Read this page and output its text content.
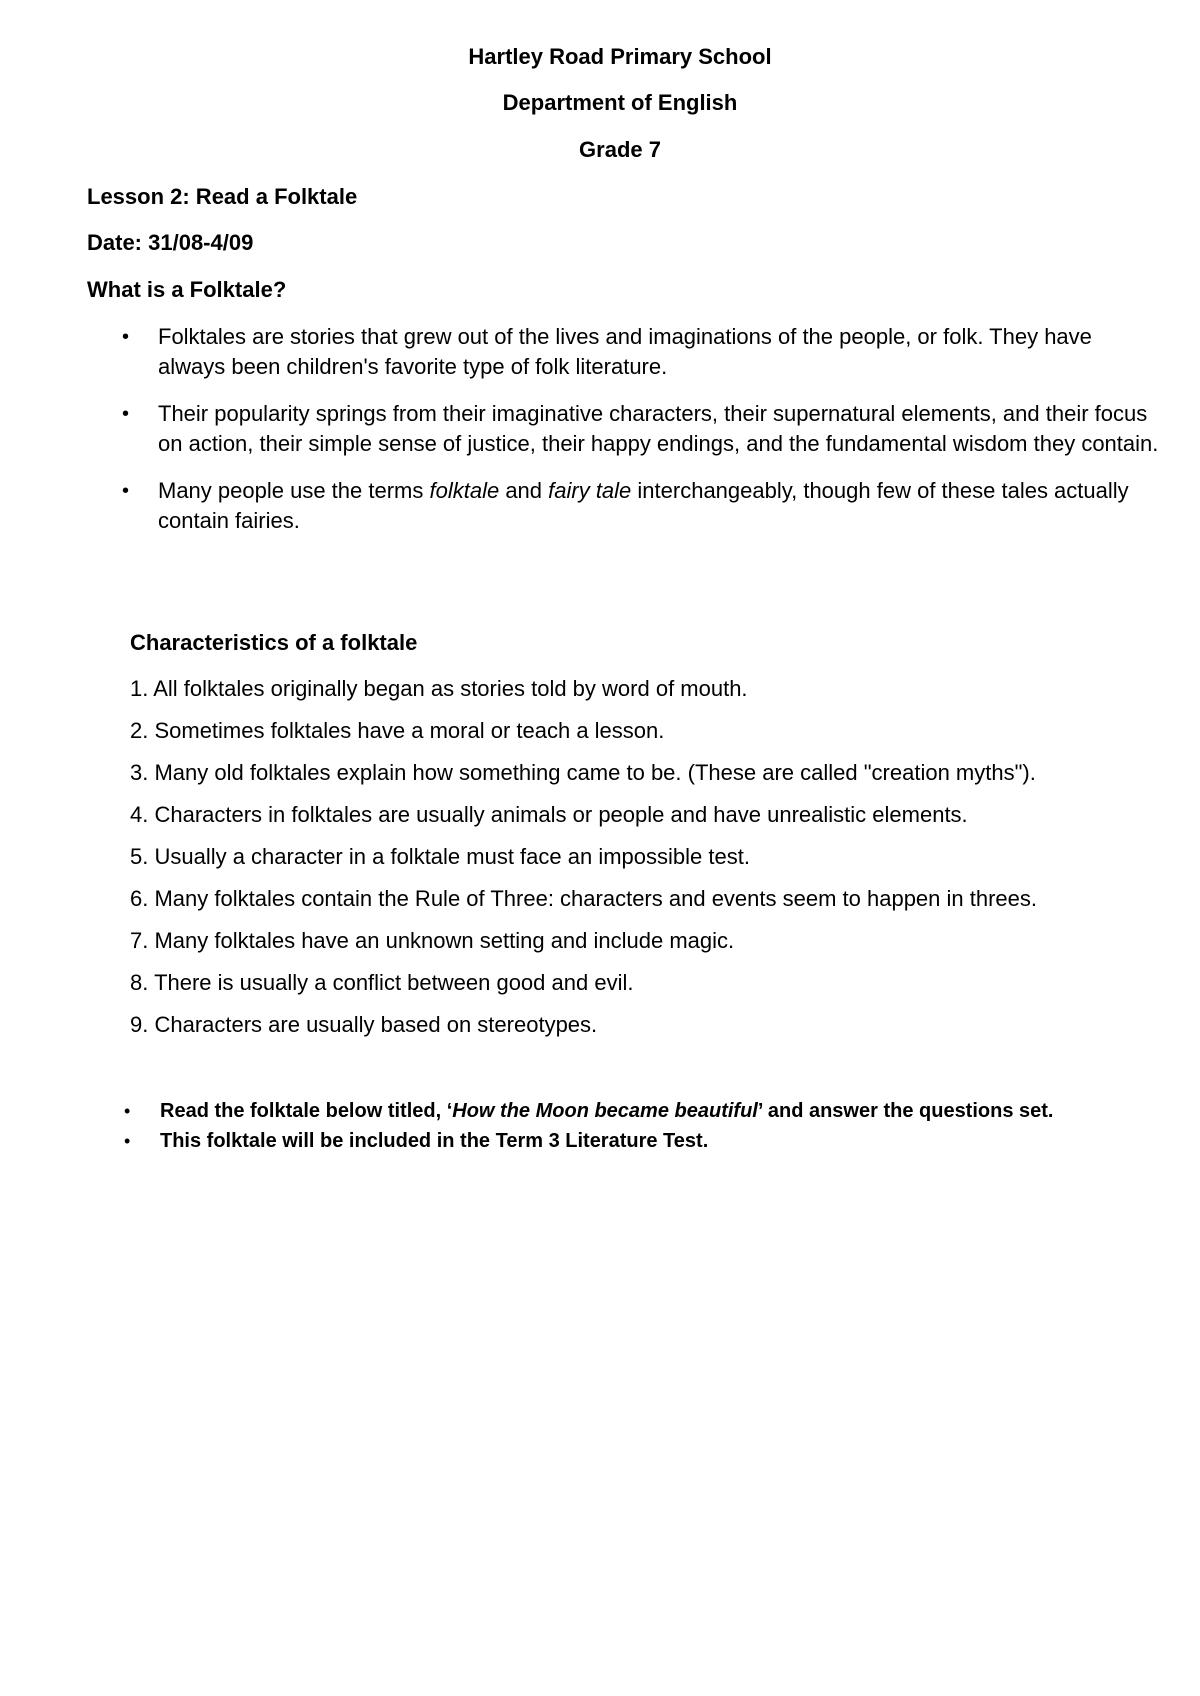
Hartley Road Primary School
Department of English
Grade 7
Lesson 2: Read a Folktale
Date: 31/08-4/09
What is a Folktale?
• Folktales are stories that grew out of the lives and imaginations of the people, or folk. They have always been children's favorite type of folk literature.
• Their popularity springs from their imaginative characters, their supernatural elements, and their focus on action, their simple sense of justice, their happy endings, and the fundamental wisdom they contain.
• Many people use the terms folktale and fairy tale interchangeably, though few of these tales actually contain fairies.
Characteristics of a folktale
1. All folktales originally began as stories told by word of mouth.
2. Sometimes folktales have a moral or teach a lesson.
3. Many old folktales explain how something came to be. (These are called "creation myths").
4. Characters in folktales are usually animals or people and have unrealistic elements.
5. Usually a character in a folktale must face an impossible test.
6. Many folktales contain the Rule of Three: characters and events seem to happen in threes.
7. Many folktales have an unknown setting and include magic.
8. There is usually a conflict between good and evil.
9. Characters are usually based on stereotypes.
• Read the folktale below titled, ‘How the Moon became beautiful’ and answer the questions set.
• This folktale will be included in the Term 3 Literature Test.
